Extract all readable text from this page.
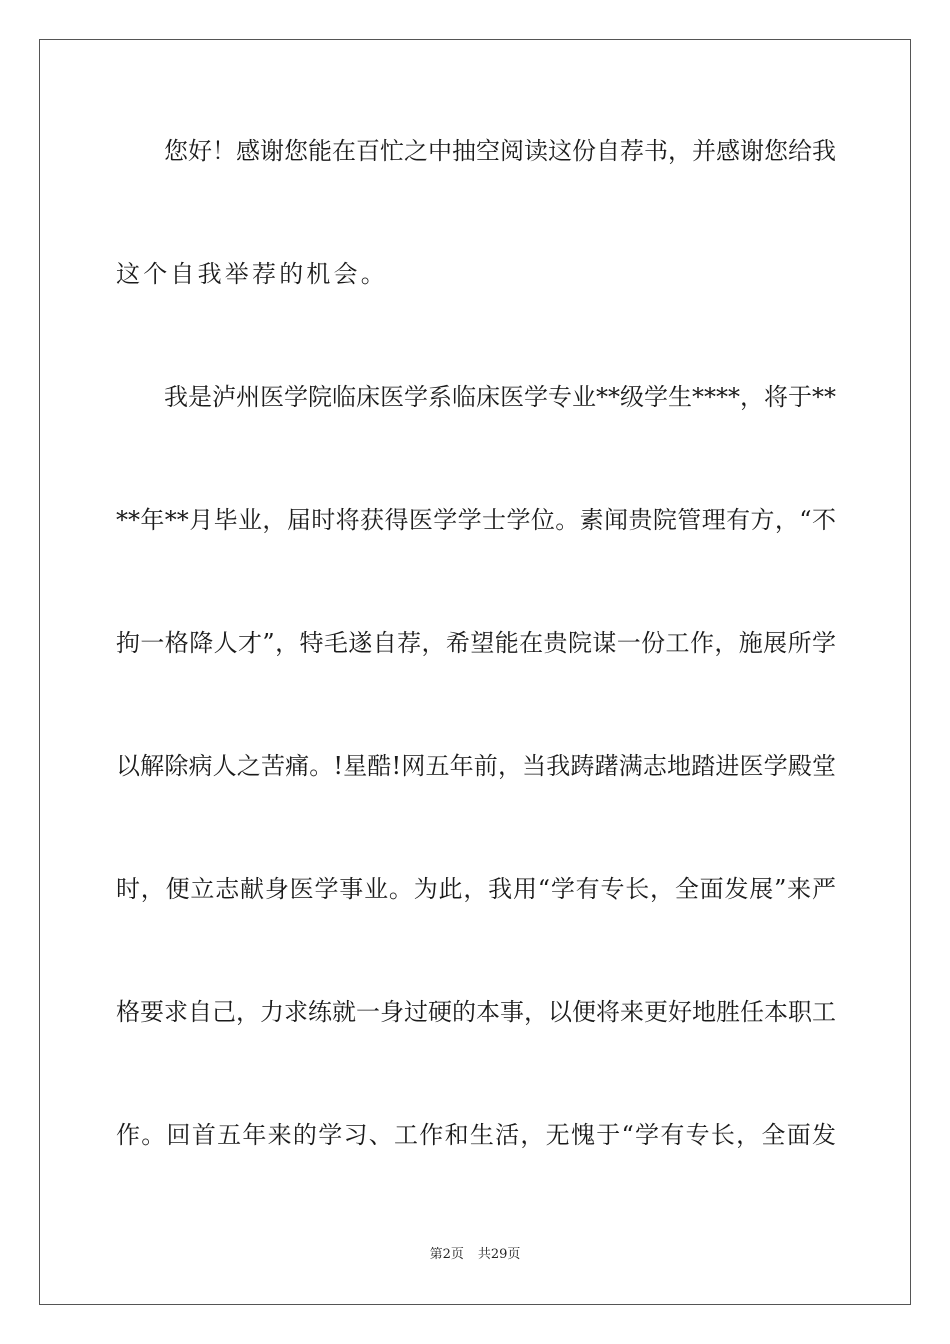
您好！感谢您能在百忙之中抽空阅读这份自荐书，并感谢您给我
这个自我举荐的机会。
我是泸州医学院临床医学系临床医学专业**级学生****，将于**
**年**月毕业，届时将获得医学学士学位。素闻贵院管理有方，“不
拘一格降人才”，特毛遂自荐，希望能在贵院谋一份工作，施展所学
以解除病人之苦痛。!星酷!网五年前，当我踌躇满志地踏进医学殿堂
时，便立志献身医学事业。为此，我用“学有专长，全面发展”来严
格要求自己，力求练就一身过硬的本事，以便将来更好地胜任本职工
作。回首五年来的学习、工作和生活，无愧于“学有专长，全面发
第2页 共29页
